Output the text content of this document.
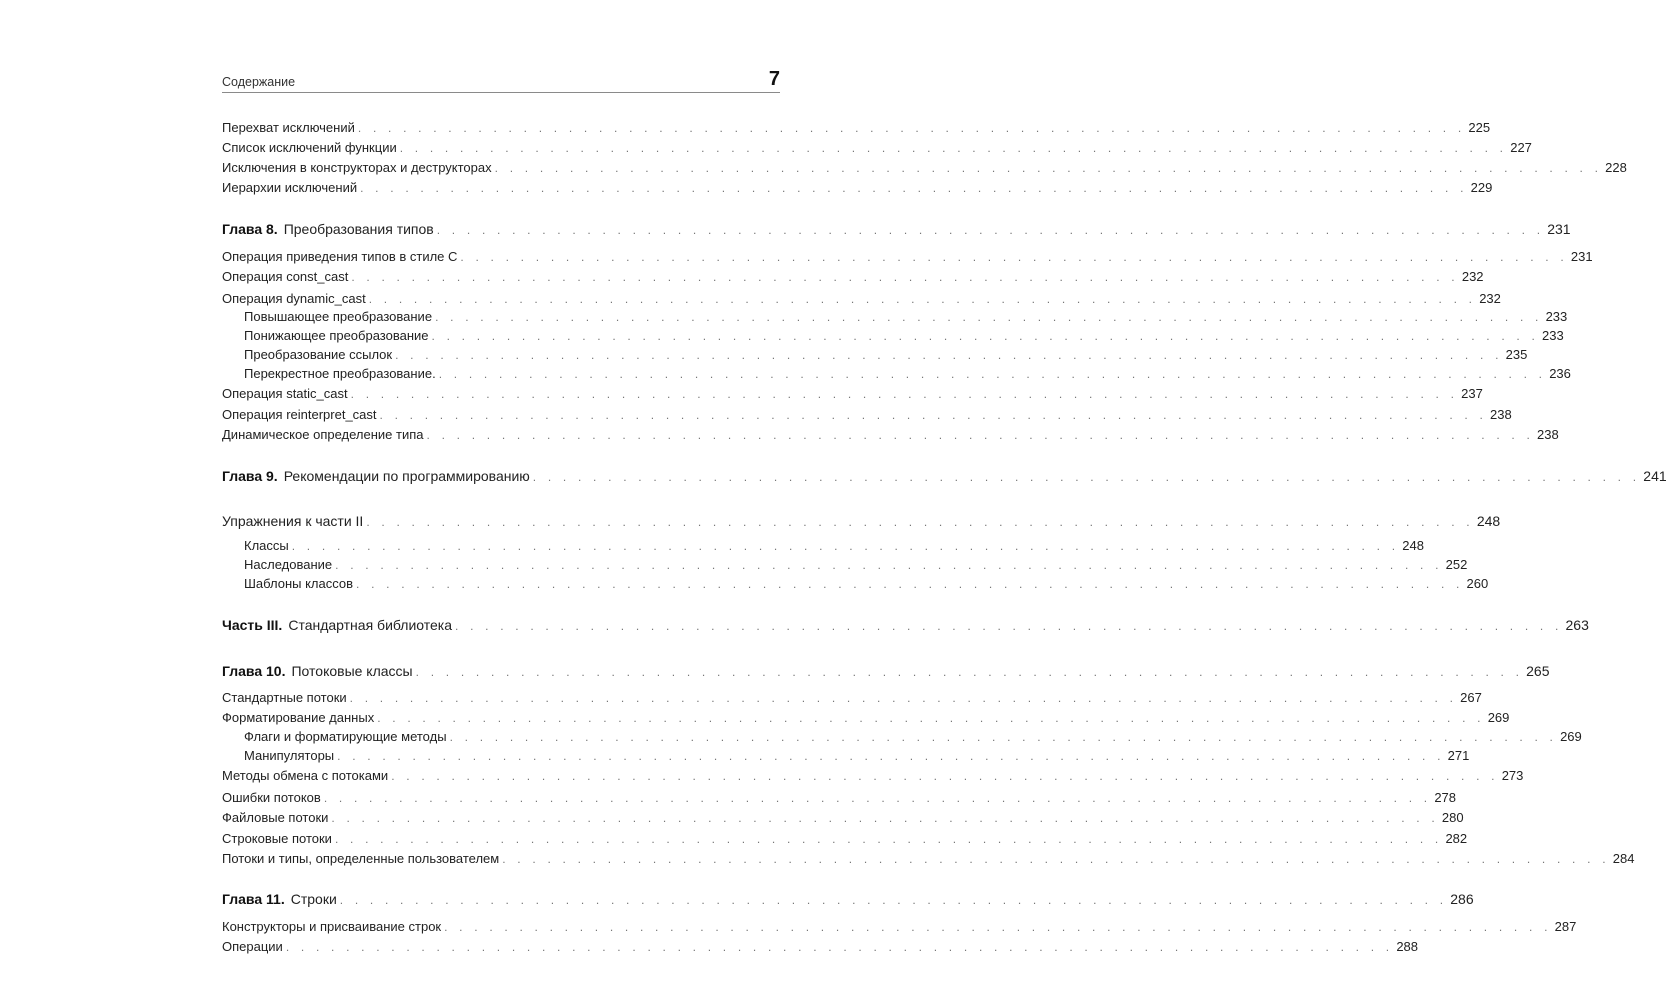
Содержание	7
Перехват исключений . . . . . . . . . . . . . . . . . . . . . . . . . . . . . . . . . . . . . . . . . . . . . . . . . . . . . . . . . . . . . . . . . . . . . . . . . . 225
Список исключений функции . . . . . . . . . . . . . . . . . . . . . . . . . . . . . . . . . . . . . . . . . . . . . . . . . . . . . . . . . . . . . . . . . . . . . . . . . . 227
Исключения в конструкторах и деструкторах . . . . . . . . . . . . . . . . . . . . . . . . . . . . . . . . . . . . . . . . . . . . . . . . . . . . . . . . . . . . . . . . . . . . . . . . . . 228
Иерархии исключений . . . . . . . . . . . . . . . . . . . . . . . . . . . . . . . . . . . . . . . . . . . . . . . . . . . . . . . . . . . . . . . . . . . . . . . . . . 229
Глава 8. Преобразования типов . . . . . . . . . . . . . . . . . . . . . . . . . . . . . . . . . . . . . . . . . . . . . . . . . . . . . . . . . . . . . . . . . . . . . . . . . . 231
Операция приведения типов в стиле С . . . . . . . . . . . . . . . . . . . . . . . . . . . . . . . . . . . . . . . . . . . . . . . . . . . . . . . . . . . . . . . . . . . . . . . . . . 231
Операция const_cast . . . . . . . . . . . . . . . . . . . . . . . . . . . . . . . . . . . . . . . . . . . . . . . . . . . . . . . . . . . . . . . . . . . . . . . . . . 232
Операция dynamic_cast . . . . . . . . . . . . . . . . . . . . . . . . . . . . . . . . . . . . . . . . . . . . . . . . . . . . . . . . . . . . . . . . . . . . . . . . . . 232
Повышающее преобразование . . . . . . . . . . . . . . . . . . . . . . . . . . . . . . . . . . . . . . . . . . . . . . . . . . . . . . . . . . . . . . . . . . . . . . . . . . 233
Понижающее преобразование . . . . . . . . . . . . . . . . . . . . . . . . . . . . . . . . . . . . . . . . . . . . . . . . . . . . . . . . . . . . . . . . . . . . . . . . . . 233
Преобразование ссылок . . . . . . . . . . . . . . . . . . . . . . . . . . . . . . . . . . . . . . . . . . . . . . . . . . . . . . . . . . . . . . . . . . . . . . . . . . 235
Перекрестное преобразование. . . . . . . . . . . . . . . . . . . . . . . . . . . . . . . . . . . . . . . . . . . . . . . . . . . . . . . . . . . . . . . . . . . . . . . . . . . 236
Операция static_cast . . . . . . . . . . . . . . . . . . . . . . . . . . . . . . . . . . . . . . . . . . . . . . . . . . . . . . . . . . . . . . . . . . . . . . . . . . 237
Операция reinterpret_cast . . . . . . . . . . . . . . . . . . . . . . . . . . . . . . . . . . . . . . . . . . . . . . . . . . . . . . . . . . . . . . . . . . . . . . . . . . 238
Динамическое определение типа . . . . . . . . . . . . . . . . . . . . . . . . . . . . . . . . . . . . . . . . . . . . . . . . . . . . . . . . . . . . . . . . . . . . . . . . . . 238
Глава 9. Рекомендации по программированию . . . . . . . . . . . . . . . . . . . . . . . . . . . . . . . . . . . . . . . . . . . . . . . . . . . . . . . . . . . . . . . . . . . . . . . . . . 241
Упражнения к части II . . . . . . . . . . . . . . . . . . . . . . . . . . . . . . . . . . . . . . . . . . . . . . . . . . . . . . . . . . . . . . . . . . . . . . . . . . 248
Классы . . . . . . . . . . . . . . . . . . . . . . . . . . . . . . . . . . . . . . . . . . . . . . . . . . . . . . . . . . . . . . . . . . . . . . . . . . 248
Наследование . . . . . . . . . . . . . . . . . . . . . . . . . . . . . . . . . . . . . . . . . . . . . . . . . . . . . . . . . . . . . . . . . . . . . . . . . . 252
Шаблоны классов . . . . . . . . . . . . . . . . . . . . . . . . . . . . . . . . . . . . . . . . . . . . . . . . . . . . . . . . . . . . . . . . . . . . . . . . . . 260
Часть III. Стандартная библиотека . . . . . . . . . . . . . . . . . . . . . . . . . . . . . . . . . . . . . . . . . . . . . . . . . . . . . . . . . . . . . . . . . . . . . . . . . . 263
Глава 10. Потоковые классы . . . . . . . . . . . . . . . . . . . . . . . . . . . . . . . . . . . . . . . . . . . . . . . . . . . . . . . . . . . . . . . . . . . . . . . . . . 265
Стандартные потоки . . . . . . . . . . . . . . . . . . . . . . . . . . . . . . . . . . . . . . . . . . . . . . . . . . . . . . . . . . . . . . . . . . . . . . . . . . 267
Форматирование данных . . . . . . . . . . . . . . . . . . . . . . . . . . . . . . . . . . . . . . . . . . . . . . . . . . . . . . . . . . . . . . . . . . . . . . . . . . 269
Флаги и форматирующие методы . . . . . . . . . . . . . . . . . . . . . . . . . . . . . . . . . . . . . . . . . . . . . . . . . . . . . . . . . . . . . . . . . . . . . . . . . . 269
Манипуляторы . . . . . . . . . . . . . . . . . . . . . . . . . . . . . . . . . . . . . . . . . . . . . . . . . . . . . . . . . . . . . . . . . . . . . . . . . . 271
Методы обмена с потоками . . . . . . . . . . . . . . . . . . . . . . . . . . . . . . . . . . . . . . . . . . . . . . . . . . . . . . . . . . . . . . . . . . . . . . . . . . 273
Ошибки потоков . . . . . . . . . . . . . . . . . . . . . . . . . . . . . . . . . . . . . . . . . . . . . . . . . . . . . . . . . . . . . . . . . . . . . . . . . . 278
Файловые потоки . . . . . . . . . . . . . . . . . . . . . . . . . . . . . . . . . . . . . . . . . . . . . . . . . . . . . . . . . . . . . . . . . . . . . . . . . . 280
Строковые потоки . . . . . . . . . . . . . . . . . . . . . . . . . . . . . . . . . . . . . . . . . . . . . . . . . . . . . . . . . . . . . . . . . . . . . . . . . . 282
Потоки и типы, определенные пользователем . . . . . . . . . . . . . . . . . . . . . . . . . . . . . . . . . . . . . . . . . . . . . . . . . . . . . . . . . . . . . . . . . . . . . . . . . . 284
Глава 11. Строки . . . . . . . . . . . . . . . . . . . . . . . . . . . . . . . . . . . . . . . . . . . . . . . . . . . . . . . . . . . . . . . . . . . . . . . . . . 286
Конструкторы и присваивание строк . . . . . . . . . . . . . . . . . . . . . . . . . . . . . . . . . . . . . . . . . . . . . . . . . . . . . . . . . . . . . . . . . . . . . . . . . . 287
Операции . . . . . . . . . . . . . . . . . . . . . . . . . . . . . . . . . . . . . . . . . . . . . . . . . . . . . . . . . . . . . . . . . . . . . . . . . . 288
